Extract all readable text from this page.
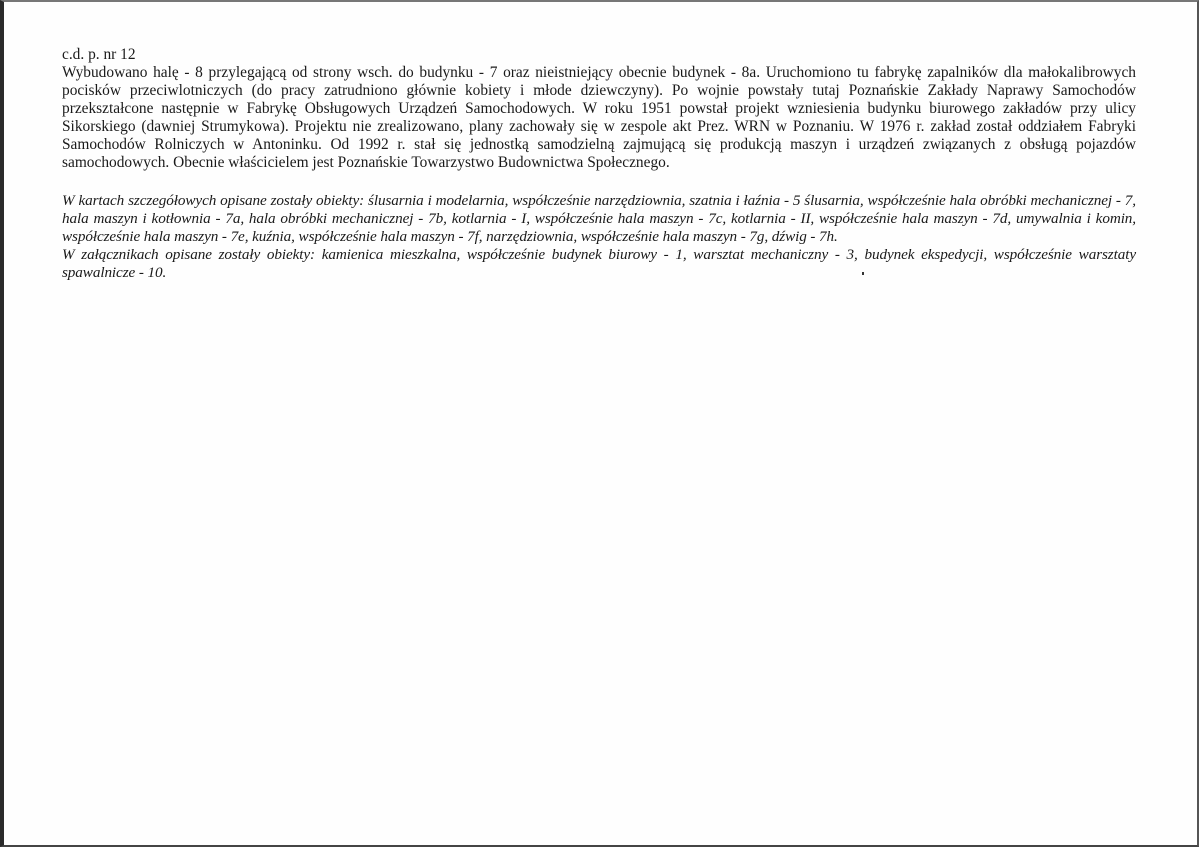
c.d. p. nr 12

Wybudowano halę - 8 przylegającą od strony wsch. do budynku - 7 oraz nieistniejący obecnie budynek - 8a. Uruchomiono tu fabrykę zapalników dla małokalibrowych pocisków przeciwlotniczych (do pracy zatrudniono głównie kobiety i młode dziewczyny). Po wojnie powstały tutaj Poznańskie Zakłady Naprawy Samochodów przekształcone następnie w Fabrykę Obsługowych Urządzeń Samochodowych. W roku 1951 powstał projekt wzniesienia budynku biurowego zakładów przy ulicy Sikorskiego (dawniej Strumykowa). Projektu nie zrealizowano, plany zachowały się w zespole akt Prez. WRN w Poznaniu. W 1976 r. zakład został oddziałem Fabryki Samochodów Rolniczych w Antoninku. Od 1992 r. stał się jednostką samodzielną zajmującą się produkcją maszyn i urządzeń związanych z obsługą pojazdów samochodowych. Obecnie właścicielem jest Poznańskie Towarzystwo Budownictwa Społecznego.

W kartach szczegółowych opisane zostały obiekty: ślusarnia i modelarnia, współcześnie narzędziownia, szatnia i łaźnia - 5 ślusarnia, współcześnie hala obróbki mechanicznej - 7, hala maszyn i kotłownia - 7a, hala obróbki mechanicznej - 7b, kotlarnia - I, współcześnie hala maszyn - 7c, kotlarnia - II, współcześnie hala maszyn - 7d, umywalnia i komin, współcześnie hala maszyn - 7e, kuźnia, współcześnie hala maszyn - 7f, narzędziownia, współcześnie hala maszyn - 7g, dźwig - 7h.

W załącznikach opisane zostały obiekty: kamienica mieszkalna, współcześnie budynek biurowy - 1, warsztat mechaniczny - 3, budynek ekspedycji, współcześnie warsztaty spawalnicze - 10.
